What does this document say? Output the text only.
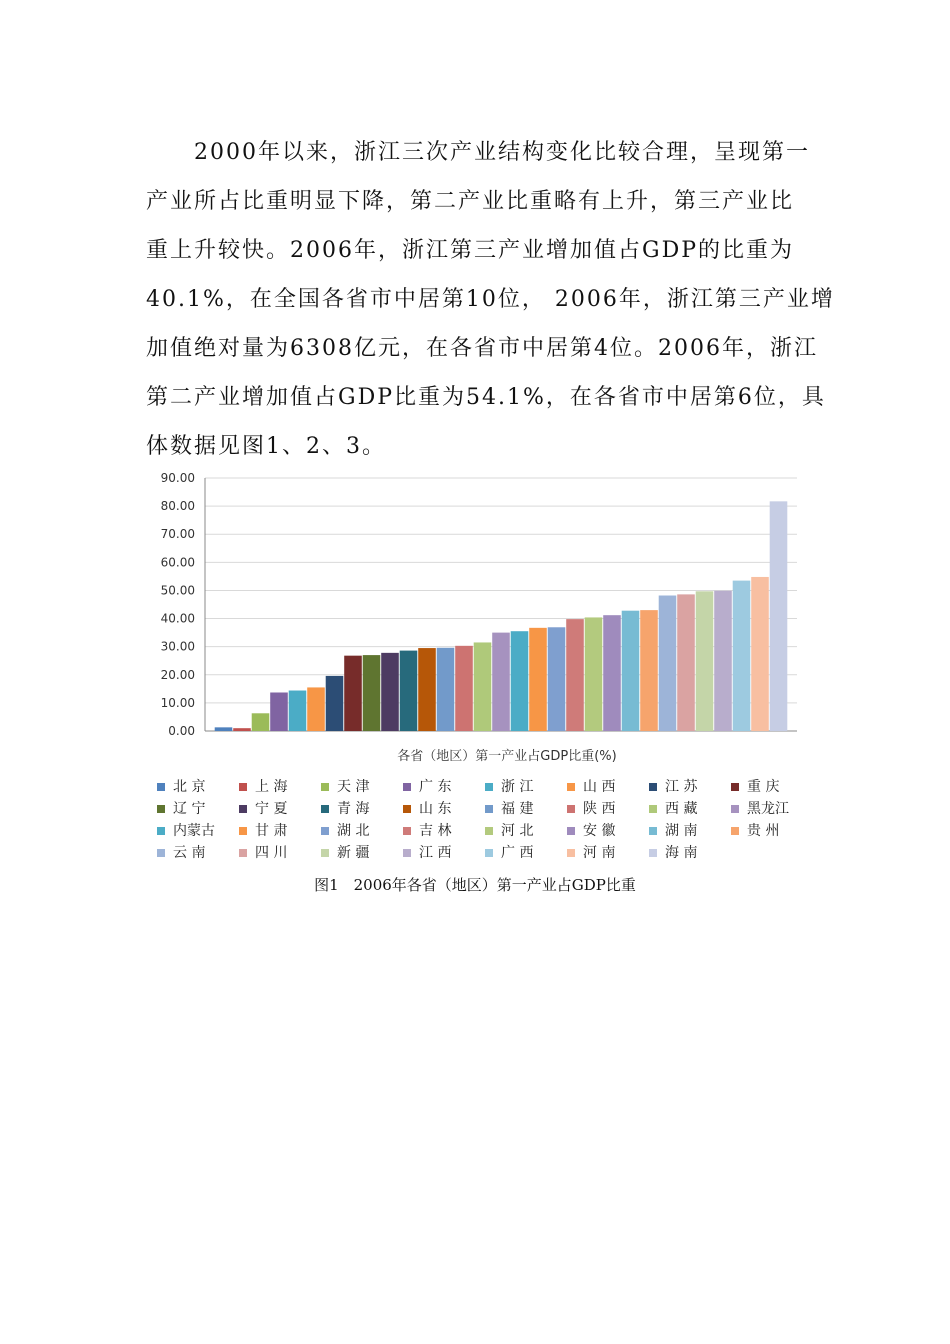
　　2000年以来，浙江三次产业结构变化比较合理，呈现第一
产业所占比重明显下降，第二产业比重略有上升，第三产业比
重上升较快。2006年，浙江第三产业增加值占GDP的比重为
40.1%，在全国各省市中居第10位， 2006年，浙江第三产业增
加值绝对量为6308亿元，在各省市中居第4位。2006年，浙江
第二产业增加值占GDP比重为54.1%，在各省市中居第6位，具
体数据见图1、2、3。
0.00
10.00
20.00
30.00
40.00
50.00
60.00
70.00
80.00
90.00
各省（地区）第一产业占GDP比重(%)
北 京	上 海	天 津	广 东	浙 江	山 西	江 苏	重 庆
辽 宁	宁 夏	青 海	山 东	福 建	陕 西	西 藏	黑龙江
内蒙古	甘 肃	湖 北	吉 林	河 北	安 徽	湖 南	贵 州
云 南	四 川	新 疆	江 西	广 西	河 南	海 南
图1　2006年各省（地区）第一产业占GDP比重
